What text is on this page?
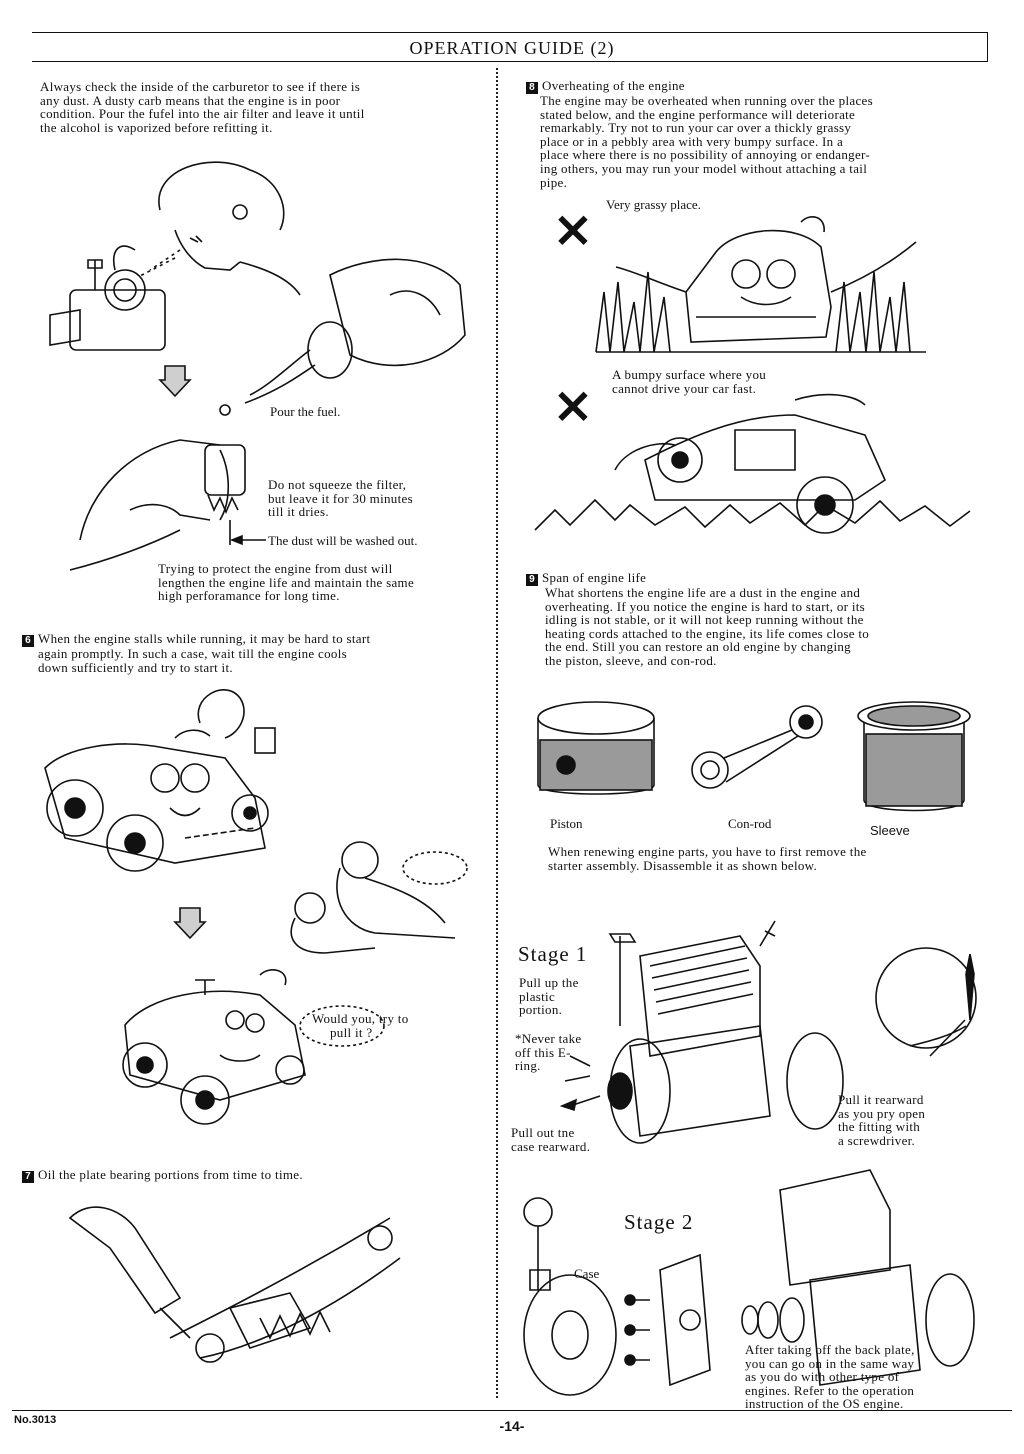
OPERATION GUIDE (2)
Always check the inside of the carburetor to see if there is
any dust. A dusty carb means that the engine is in poor
condition. Pour the fufel into the air filter and leave it until
the alcohol is vaporized before refitting it.
Pour the fuel.
Do not squeeze the filter,
but leave it for 30 minutes
till it dries.
The dust will be washed out.
Trying to protect the engine from dust will
lengthen the engine life and maintain the same
high perforamance for long time.
6 When the engine stalls while running, it may be hard to start
again promptly. In such a case, wait till the engine cools
down sufficiently and try to start it.
Would you, try to
pull it ?
7 Oil the plate bearing portions from time to time.
8 Overheating of the engine
The engine may be overheated when running over the places
stated below, and the engine performance will deteriorate
remarkably. Try not to run your car over a thickly grassy
place or in a pebbly area with very bumpy surface. In a
place where there is no possibility of annoying or endanger-
ing others, you may run your model without attaching a tail
pipe.
× Very grassy place.
×
A bumpy surface where you
cannot drive your car fast.
9 Span of engine life
What shortens the engine life are a dust in the engine and
overheating. If you notice the engine is hard to start, or its
idling is not stable, or it will not keep running without the
heating cords attached to the engine, its life comes close to
the end. Still you can restore an old engine by changing
the piston, sleeve, and con-rod.
Piston	Con-rod	Sleeve
When renewing engine parts, you have to first remove the
starter assembly. Disassemble it as shown below.
Stage 1
Pull up the
plastic
portion.
*Never take
off this E-
ring.
Pull out tne
case rearward.
Pull it rearward
as you pry open
the fitting with
a screwdriver.
Stage 2
Case
After taking off the back plate,
you can go on in the same way
as you do with other type of
engines. Refer to the operation
instruction of the OS engine.
No.3013	-14-
